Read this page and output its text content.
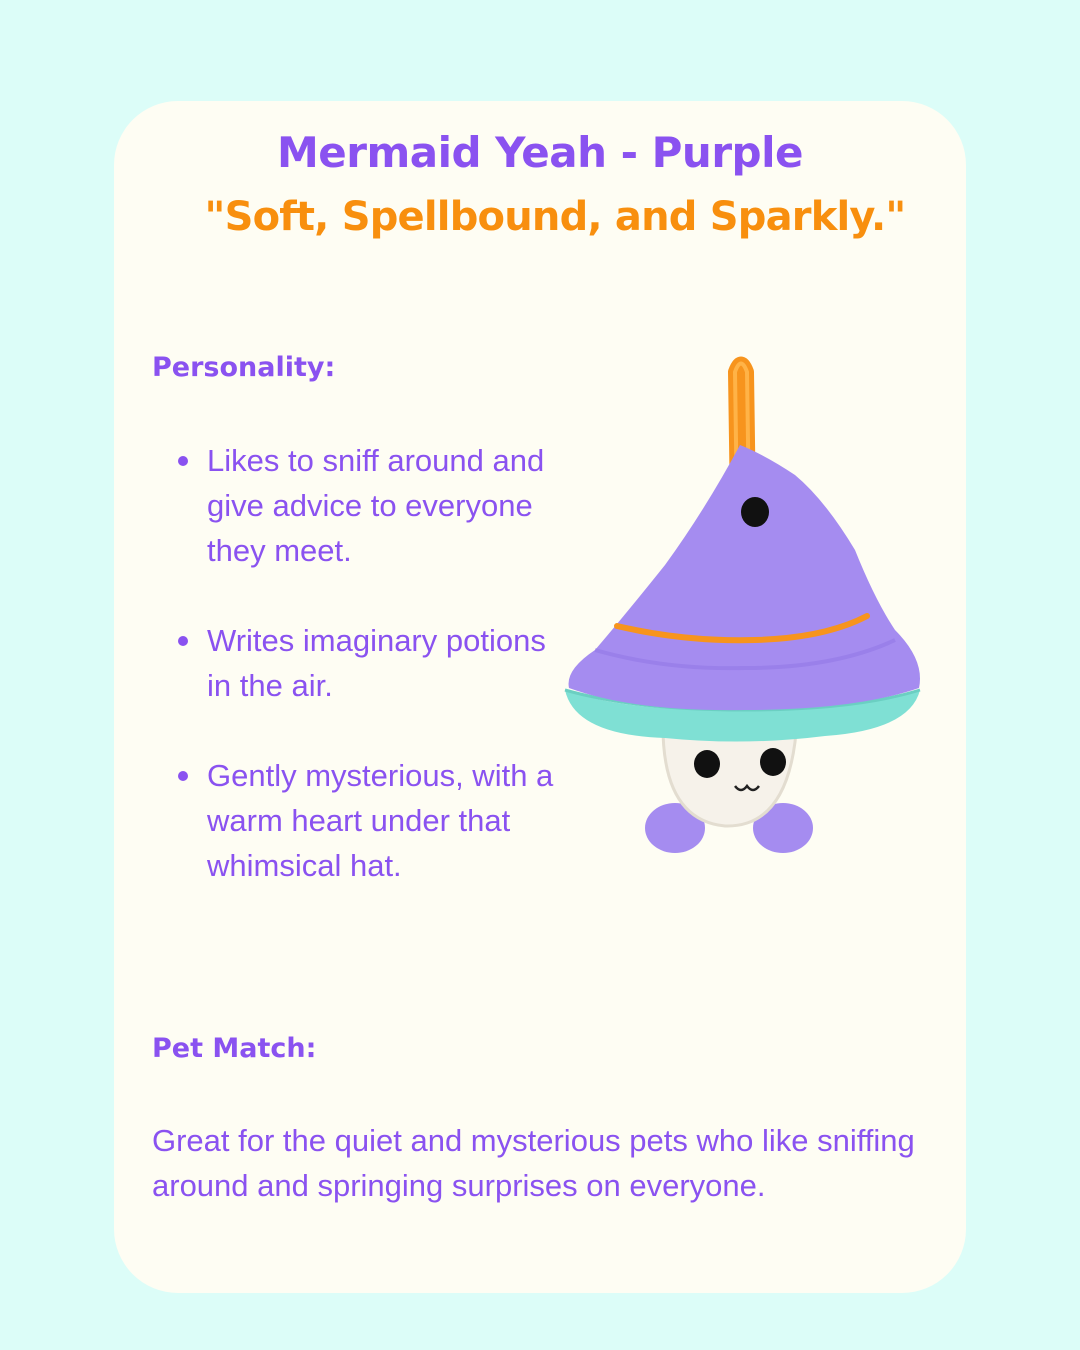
Mermaid Yeah - Purple
"Soft, Spellbound, and Sparkly."
Personality:
Likes to sniff around and give advice to everyone they meet.
Writes imaginary potions in the air.
Gently mysterious, with a warm heart under that whimsical hat.
Pet Match:

Great for the quiet and mysterious pets who like sniffing around and springing surprises on everyone.
